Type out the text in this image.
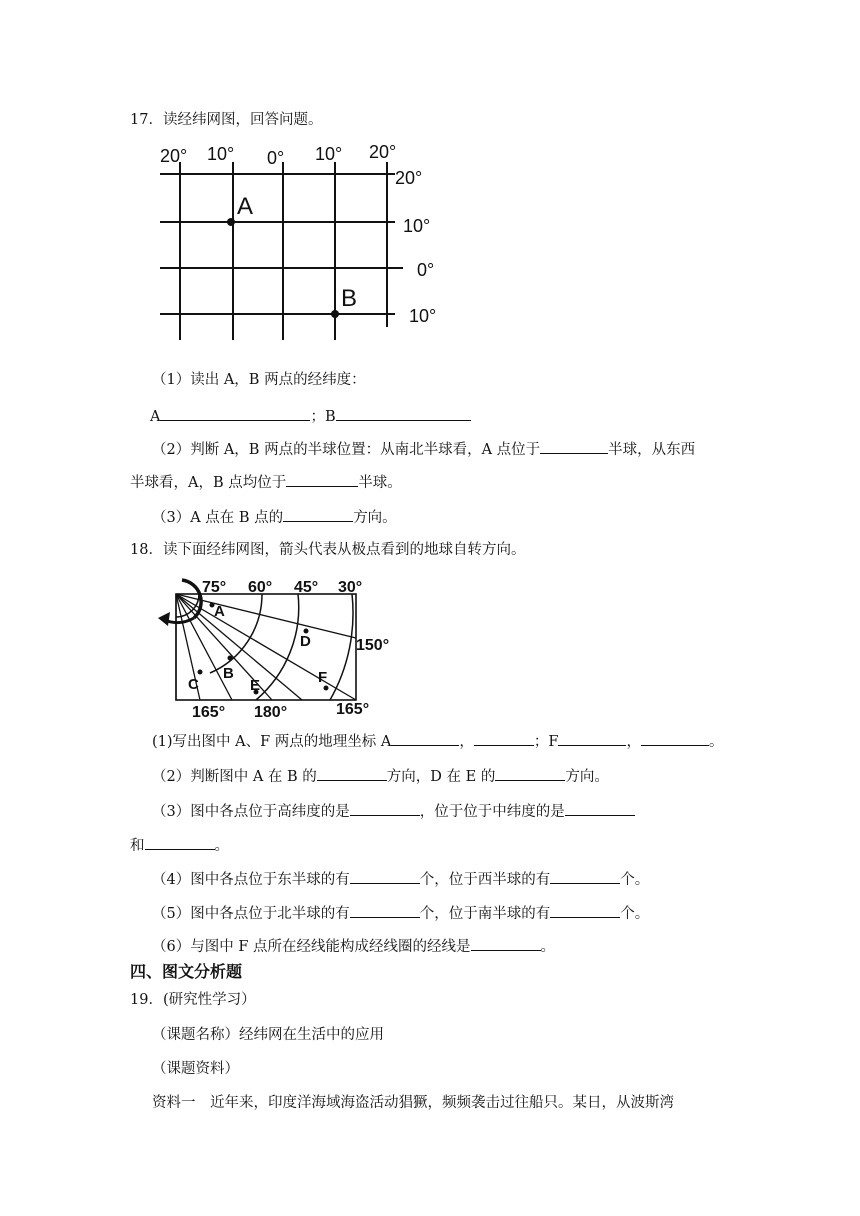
17．读经纬网图，回答问题。
20° 10° 0° 10° 20°
20°
10°
0°
10°
A
B
（1）读出 A，B 两点的经纬度：
A	；B
（2）判断 A，B 两点的半球位置：从南北半球看，A 点位于	半球，从东西
半球看，A，B 点均位于	半球。
（3）A 点在 B 点的	方向。
18．读下面经纬网图，箭头代表从极点看到的地球自转方向。
75° 60° 45° 30°
150°
165° 180°	165°
A
B
C
D
E	F
(1)写出图中 A、F 两点的地理坐标 A	，	；F	，	。
（2）判断图中 A 在 B 的	方向，D 在 E 的	方向。
（3）图中各点位于高纬度的是	，位于位于中纬度的是
和	。
（4）图中各点位于东半球的有	个，位于西半球的有	个。
（5）图中各点位于北半球的有	个，位于南半球的有	个。
（6）与图中 F 点所在经线能构成经线圈的经线是	。
四、图文分析题
19．(研究性学习）
（课题名称）经纬网在生活中的应用
（课题资料）
资料一　近年来，印度洋海域海盗活动猖獗，频频袭击过往船只。某日，从波斯湾
